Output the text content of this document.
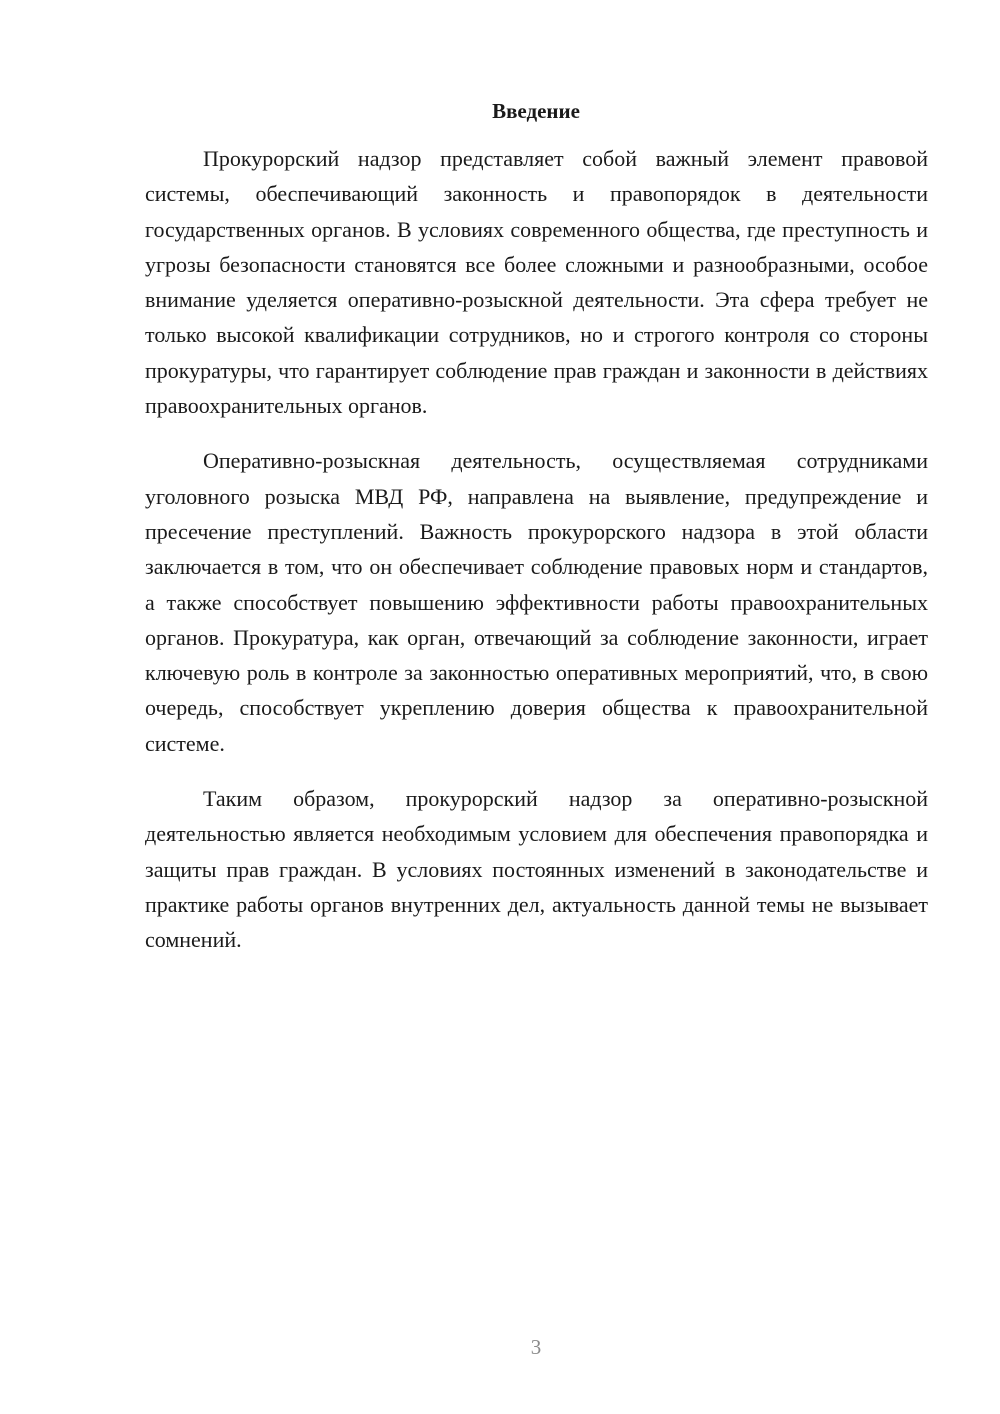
Введение

Прокурорский надзор представляет собой важный элемент правовой системы, обеспечивающий законность и правопорядок в деятельности государственных органов. В условиях современного общества, где преступность и угрозы безопасности становятся все более сложными и разнообразными, особое внимание уделяется оперативно-розыскной деятельности. Эта сфера требует не только высокой квалификации сотрудников, но и строгого контроля со стороны прокуратуры, что гарантирует соблюдение прав граждан и законности в действиях правоохранительных органов.

Оперативно-розыскная деятельность, осуществляемая сотрудниками уголовного розыска МВД РФ, направлена на выявление, предупреждение и пресечение преступлений. Важность прокурорского надзора в этой области заключается в том, что он обеспечивает соблюдение правовых норм и стандартов, а также способствует повышению эффективности работы правоохранительных органов. Прокуратура, как орган, отвечающий за соблюдение законности, играет ключевую роль в контроле за законностью оперативных мероприятий, что, в свою очередь, способствует укреплению доверия общества к правоохранительной системе.

Таким образом, прокурорский надзор за оперативно-розыскной деятельностью является необходимым условием для обеспечения правопорядка и защиты прав граждан. В условиях постоянных изменений в законодательстве и практике работы органов внутренних дел, актуальность данной темы не вызывает сомнений.

3
